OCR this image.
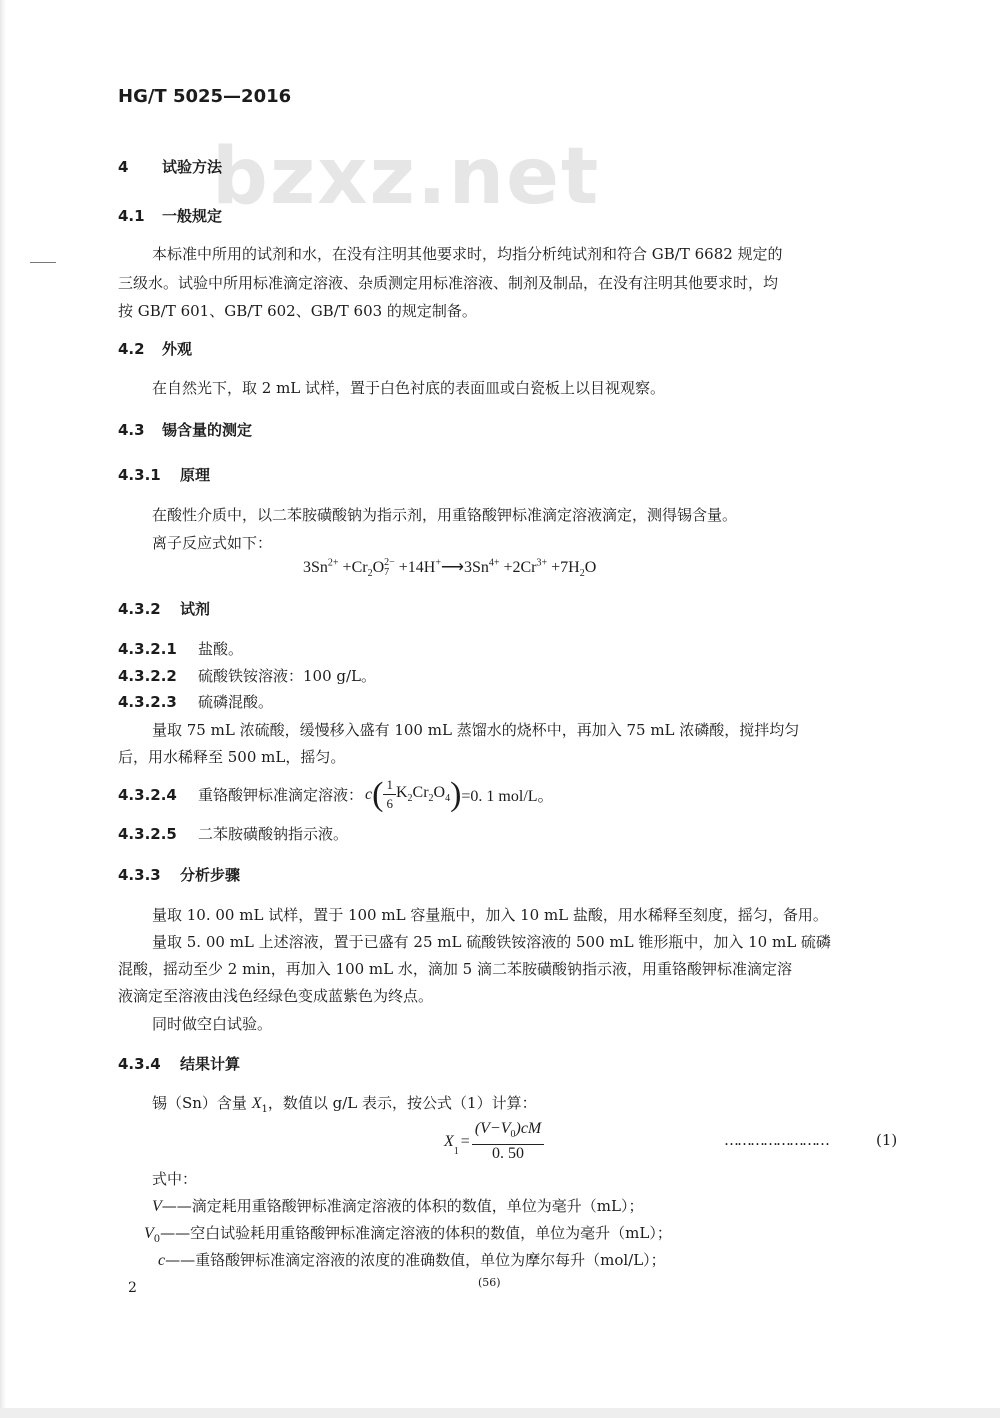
bzxz.net
HG/T 5025—2016
4 试验方法
4.1 一般规定
本标准中所用的试剂和水，在没有注明其他要求时，均指分析纯试剂和符合 GB/T 6682 规定的
三级水。试验中所用标准滴定溶液、杂质测定用标准溶液、制剂及制品，在没有注明其他要求时，均
按 GB/T 601、GB/T 602、GB/T 603 的规定制备。
4.2 外观
在自然光下，取 2 mL 试样，置于白色衬底的表面皿或白瓷板上以目视观察。
4.3 锡含量的测定
4.3.1 原理
在酸性介质中，以二苯胺磺酸钠为指示剂，用重铬酸钾标准滴定溶液滴定，测得锡含量。
离子反应式如下：
$3Sn^{2+} +Cr_2O$ 2−
$7 +14H^+⟶3Sn^{4+} +2Cr^{3+} +7H_2O$
4.3.2 试剂
4.3.2.1 盐酸。
4.3.2.2 硫酸铁铵溶液：100 g/L。
4.3.2.3 硫磷混酸。
量取 75 mL 浓硫酸，缓慢移入盛有 100 mL 蒸馏水的烧杯中，再加入 75 mL 浓磷酸，搅拌均匀
后，用水稀释至 500 mL，摇匀。
4.3.2.4	重铬酸钾标准滴定溶液： c ( $\frac{1}{6} K_2Cr_2O_4$ ) =0. 1 mol/L。
4.3.2.5 二苯胺磺酸钠指示液。
4.3.3 分析步骤
量取 10. 00 mL 试样，置于 100 mL 容量瓶中，加入 10 mL 盐酸，用水稀释至刻度，摇匀，备用。
量取 5. 00 mL 上述溶液，置于已盛有 25 mL 硫酸铁铵溶液的 500 mL 锥形瓶中，加入 10 mL 硫磷
混酸，摇动至少 2 min，再加入 100 mL 水，滴加 5 滴二苯胺磺酸钠指示液，用重铬酸钾标准滴定溶
液滴定至溶液由浅色经绿色变成蓝紫色为终点。
同时做空白试验。
4.3.4 结果计算
锡（Sn）含量 $X_1$，数值以 g/L 表示，按公式（1）计算：
X
$_1$
= $\frac{(V-V_0)cM}{0. 50}$	……………………	(1)
式中：
V——滴定耗用重铬酸钾标准滴定溶液的体积的数值，单位为毫升（mL）；
$V_0——$空白试验耗用重铬酸钾标准滴定溶液的体积的数值，单位为毫升（mL）；
c——重铬酸钾标准滴定溶液的浓度的准确数值，单位为摩尔每升（mol/L）；
2	(56)
